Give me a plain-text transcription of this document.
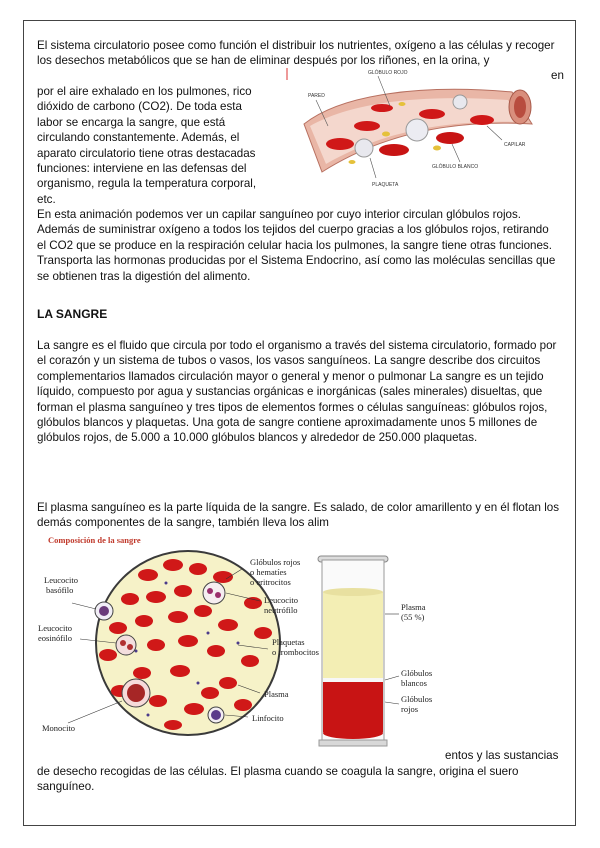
El sistema circulatorio posee como función el distribuir los nutrientes, oxígeno a las células y recoger los desechos metabólicos que se han de eliminar después por los riñones, en la orina, y

en

por el aire exhalado en los pulmones, rico dióxido de carbono (CO2). De toda esta labor se encarga la sangre, que está circulando constantemente. Además, el aparato circulatorio tiene otras destacadas funciones: interviene en las defensas del organismo, regula la temperatura corporal, etc.

PARED
GLÓBULO ROJO
CAPILAR
GLÓBULO BLANCO
PLAQUETA

En esta animación podemos ver un capilar sanguíneo por cuyo interior circulan glóbulos rojos. Además de suministrar oxígeno a todos los tejidos del cuerpo gracias a los glóbulos rojos, retirando el CO2 que se produce en la respiración celular hacia los pulmones, la sangre tiene otras funciones. Transporta las hormonas producidas por el Sistema Endocrino, así como las moléculas sencillas que se obtienen tras la digestión del alimento.

LA SANGRE

La sangre es el fluido que circula por todo el organismo a través del sistema circulatorio, formado por el corazón y un sistema de tubos o vasos, los vasos sanguíneos. La sangre describe dos circuitos complementarios llamados circulación mayor o general y menor o pulmonar La sangre es un tejido líquido, compuesto por agua y sustancias orgánicas e inorgánicas (sales minerales) disueltas, que forman el plasma sanguíneo y tres tipos de elementos formes o células sanguíneas: glóbulos rojos, glóbulos blancos y plaquetas. Una gota de sangre contiene aproximadamente unos 5 millones de glóbulos rojos, de 5.000 a 10.000 glóbulos blancos y alrededor de 250.000 plaquetas.

El plasma sanguíneo es la parte líquida de la sangre. Es salado, de color amarillento y en él flotan los demás componentes de la sangre, también lleva los alim

Composición de la sangre
Leucocito
basófilo
Leucocito
eosinófilo
Monocito
Glóbulos rojos
o hematíes
o eritrocitos
Leucocito
neutrófilo
Plaquetas
o trombocitos
Plasma
Linfocito
Plasma
(55 %)
Glóbulos
blancos
Glóbulos
rojos
entos y las sustancias

de desecho recogidas de las células. El plasma cuando se coagula la sangre, origina el suero sanguíneo.
